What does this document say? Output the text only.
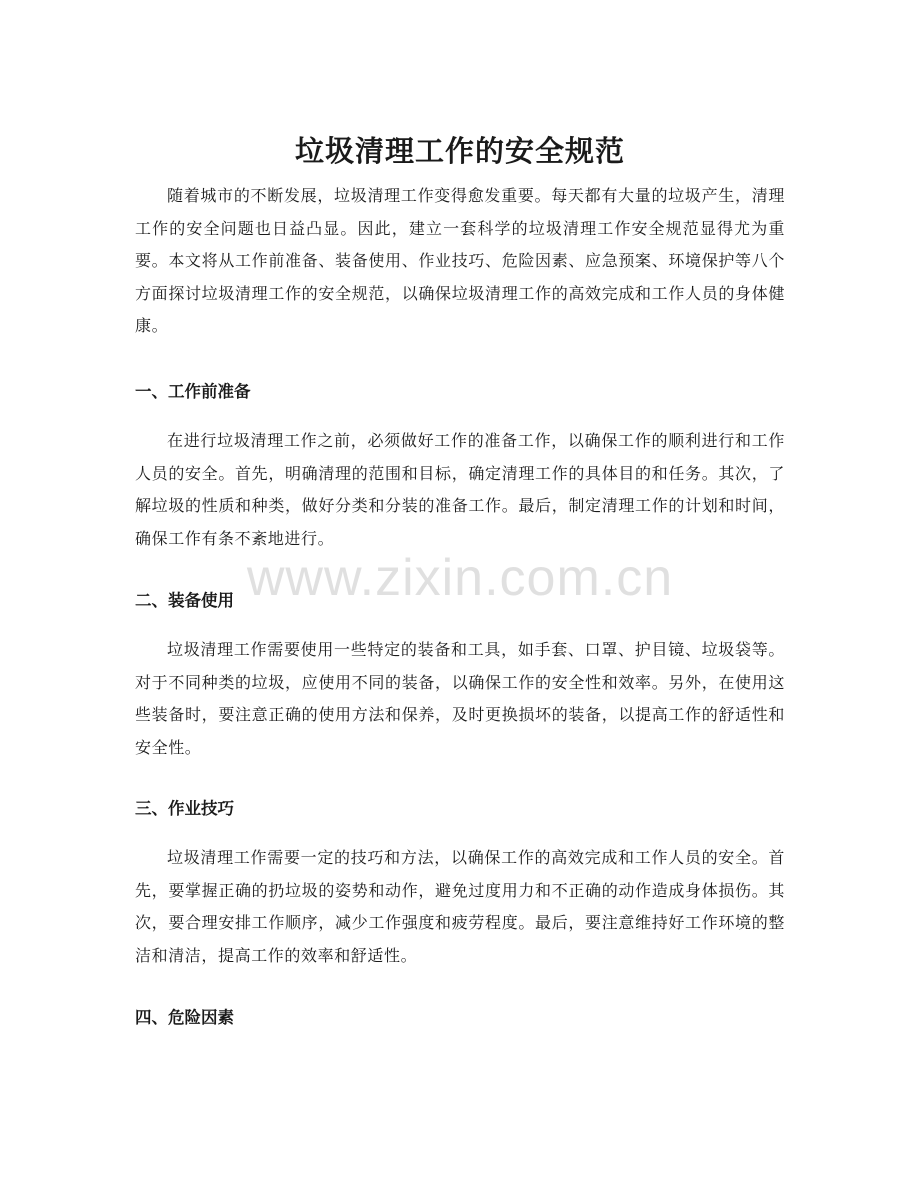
www.zixin.com.cn
垃圾清理工作的安全规范

随着城市的不断发展，垃圾清理工作变得愈发重要。每天都有大量的垃圾产生，清理工作的安全问题也日益凸显。因此，建立一套科学的垃圾清理工作安全规范显得尤为重要。本文将从工作前准备、装备使用、作业技巧、危险因素、应急预案、环境保护等八个方面探讨垃圾清理工作的安全规范，以确保垃圾清理工作的高效完成和工作人员的身体健康。

一、工作前准备

在进行垃圾清理工作之前，必须做好工作的准备工作，以确保工作的顺利进行和工作人员的安全。首先，明确清理的范围和目标，确定清理工作的具体目的和任务。其次，了解垃圾的性质和种类，做好分类和分装的准备工作。最后，制定清理工作的计划和时间，确保工作有条不紊地进行。

二、装备使用

垃圾清理工作需要使用一些特定的装备和工具，如手套、口罩、护目镜、垃圾袋等。对于不同种类的垃圾，应使用不同的装备，以确保工作的安全性和效率。另外，在使用这些装备时，要注意正确的使用方法和保养，及时更换损坏的装备，以提高工作的舒适性和安全性。

三、作业技巧

垃圾清理工作需要一定的技巧和方法，以确保工作的高效完成和工作人员的安全。首先，要掌握正确的扔垃圾的姿势和动作，避免过度用力和不正确的动作造成身体损伤。其次，要合理安排工作顺序，减少工作强度和疲劳程度。最后，要注意维持好工作环境的整洁和清洁，提高工作的效率和舒适性。

四、危险因素
